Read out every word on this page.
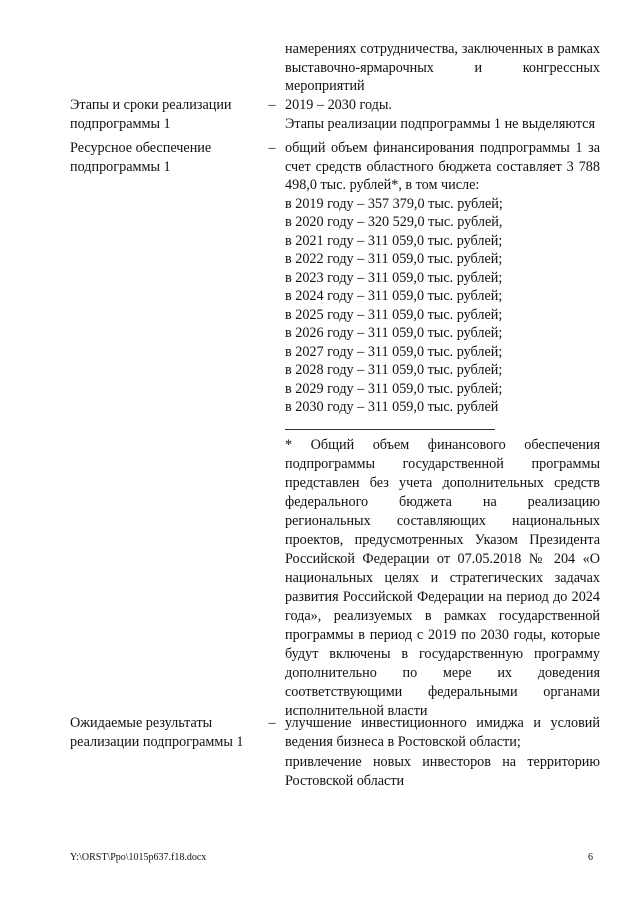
намерениях сотрудничества, заключенных в рамках выставочно-ярмарочных и конгрессных мероприятий
Этапы и сроки реализации подпрограммы 1
– 2019 – 2030 годы.
Этапы реализации подпрограммы 1 не выделяются
Ресурсное обеспечение подпрограммы 1
– общий объем финансирования подпрограммы 1 за счет средств областного бюджета составляет 3 788 498,0 тыс. рублей*, в том числе:
в 2019 году – 357 379,0 тыс. рублей;
в 2020 году – 320 529,0 тыс. рублей,
в 2021 году – 311 059,0 тыс. рублей;
в 2022 году – 311 059,0 тыс. рублей;
в 2023 году – 311 059,0 тыс. рублей;
в 2024 году – 311 059,0 тыс. рублей;
в 2025 году – 311 059,0 тыс. рублей;
в 2026 году – 311 059,0 тыс. рублей;
в 2027 году – 311 059,0 тыс. рублей;
в 2028 году – 311 059,0 тыс. рублей;
в 2029 году – 311 059,0 тыс. рублей;
в 2030 году – 311 059,0 тыс. рублей
* Общий объем финансового обеспечения подпрограммы государственной программы представлен без учета дополнительных средств федерального бюджета на реализацию региональных составляющих национальных проектов, предусмотренных Указом Президента Российской Федерации от 07.05.2018 № 204 «О национальных целях и стратегических задачах развития Российской Федерации на период до 2024 года», реализуемых в рамках государственной программы в период с 2019 по 2030 годы, которые будут включены в государственную программу дополнительно по мере их доведения соответствующими федеральными органами исполнительной власти
Ожидаемые результаты реализации подпрограммы 1
– улучшение инвестиционного имиджа и условий ведения бизнеса в Ростовской области;
привлечение новых инвесторов на территорию Ростовской области
Y:\ORST\Ppo\1015p637.f18.docx	6
